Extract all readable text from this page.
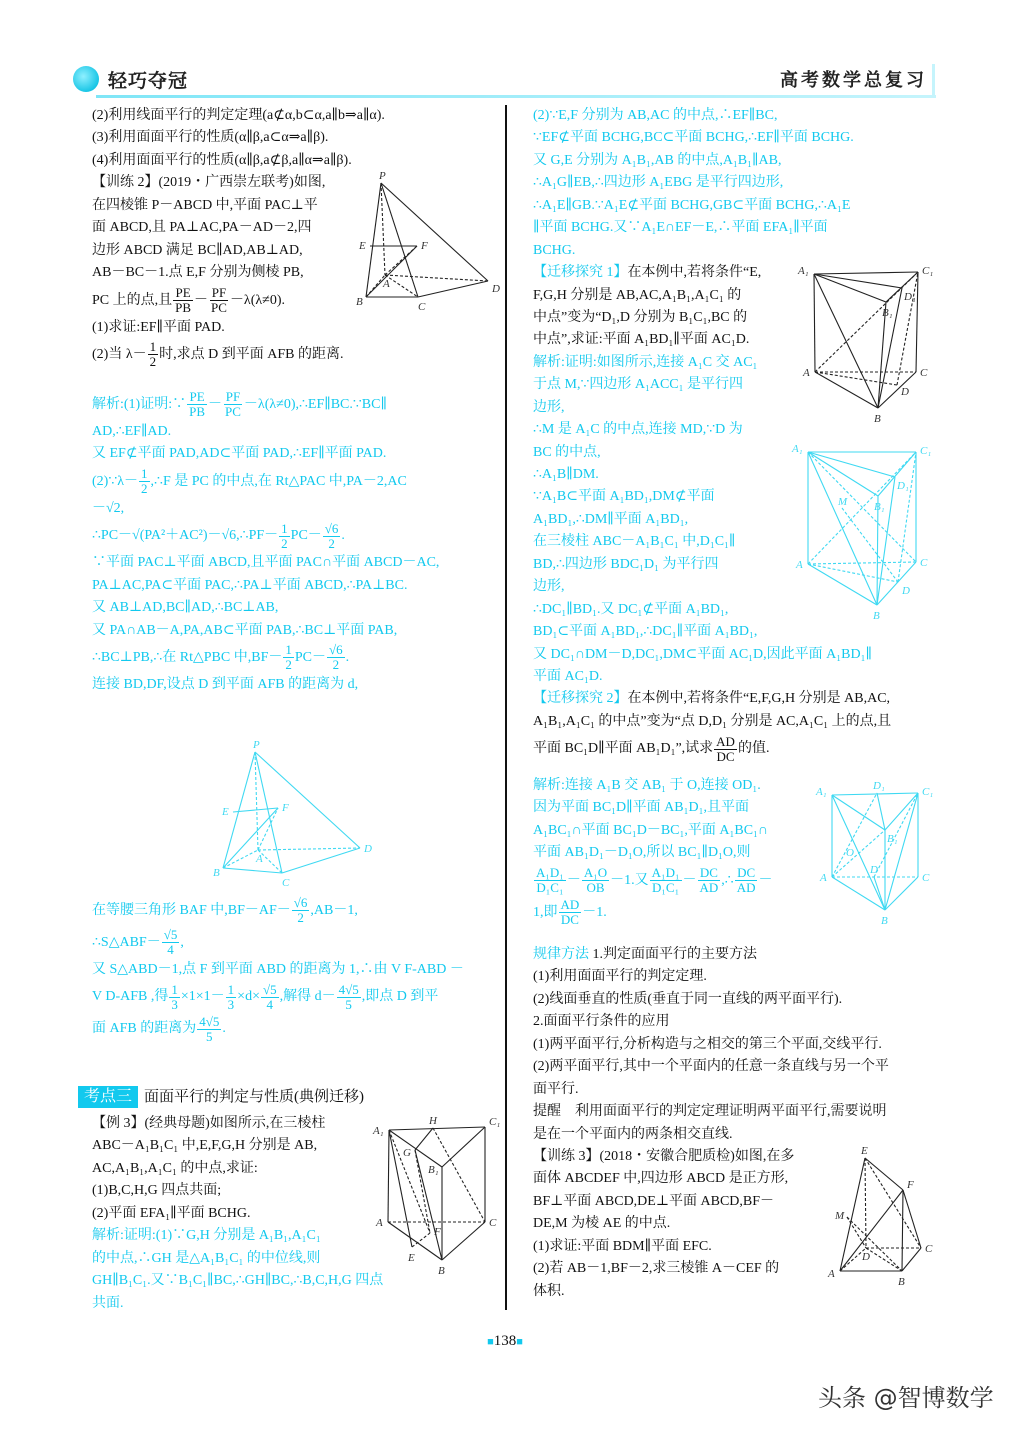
轻巧夺冠	高考数学总复习
(2)利用线面平行的判定定理(a⊄α,b⊂α,a∥b⇒a∥α).
(3)利用面面平行的性质(α∥β,a⊂α⇒a∥β).
(4)利用面面平行的性质(α∥β,a⊄β,a∥α⇒a∥β).
【训练 2】(2019・广西崇左联考)如图,
在四棱锥 P－ABCD 中,平面 PAC⊥平
面 ABCD,且 PA⊥AC,PA－AD－2,四
边形 ABCD 满足 BC∥AD,AB⊥AD,
AB－BC－1.点 E,F 分别为侧棱 PB,
PC 上的点,且 $\frac{PE}{PB} - \frac{PF}{PC} -\lambda(\lambda\ne 0)$.
(1)求证:EF∥平面 PAD.
(2)当 $\lambda- \frac{1}{2}$ 时,求点 D 到平面 AFB 的距离.
解析:(1)证明:∵ $\frac{PE}{PB} - \frac{PF}{PC}$ －λ(λ≠0),∴EF∥BC.∵BC∥
AD,∴EF∥AD.
又 EF⊄平面 PAD,AD⊂平面 PAD,∴EF∥平面 PAD.
(2)∵λ－ $\frac{1}{2}$ ,∴F 是 PC 的中点,在 Rt△PAC 中,PA－2,AC
－√2,
∴PC－√(PA²＋AC²)－√6,∴PF－ $\frac{1}{2} PC- \frac{√6}{2}$ .
∵平面 PAC⊥平面 ABCD,且平面 PAC∩平面 ABCD－AC,
PA⊥AC,PA⊂平面 PAC,∴PA⊥平面 ABCD,∴PA⊥BC.
又 AB⊥AD,BC∥AD,∴BC⊥AB,
又 PA∩AB－A,PA,AB⊂平面 PAB,∴BC⊥平面 PAB,
∴BC⊥PB,∴在 Rt△PBC 中$,BF- \frac{1}{2} PC- \frac{√6}{2}$ .
连接 BD,DF,设点 D 到平面 AFB 的距离为 d,
在等腰三角形 BAF 中$,BF-AF- \frac{√6}{2} ,AB-1$,
∴S△ABF－ $\frac{√5}{4}$ ,
又 S△ABD－1,点 F 到平面 ABD 的距离为 1,∴由 V F-ABD －
V D-AFB ,得 $\frac{1}{3} \times 1\times 1- \frac{1}{3} \times d\times \frac{√5}{4}$ ,解得 $d- \frac{4√5}{5}$ ,即点 D 到平
面 AFB 的距离为 $\frac{4√5}{5}$ .
考点三 面面平行的判定与性质(典例迁移)
【例 3】(经典母题)如图所示,在三棱柱
ABC－A₁B₁C₁ 中,E,F,G,H 分别是 AB,
AC,A₁B₁,A₁C₁ 的中点,求证:
(1)B,C,H,G 四点共面;
(2)平面 EFA₁∥平面 BCHG.
解析:证明:(1)∵G,H 分别是 A₁B₁,A₁C₁
的中点,∴GH 是△A₁B₁C₁ 的中位线,则
GH∥B₁C₁.又∵B₁C₁∥BC,∴GH∥BC,∴B,C,H,G 四点
共面.
(2)∵E,F 分别为 AB,AC 的中点,∴EF∥BC,
∵EF⊄平面 BCHG,BC⊂平面 BCHG,∴EF∥平面 BCHG.
又 G,E 分别为 A₁B₁,AB 的中点,A₁B₁∥AB,
∴A₁G∥EB,∴四边形 A₁EBG 是平行四边形,
∴A₁E∥GB.∵A₁E⊄平面 BCHG,GB⊂平面 BCHG,∴A₁E
∥平面 BCHG.又∵A₁E∩EF－E,∴平面 EFA₁∥平面
BCHG.
【迁移探究 1】在本例中,若将条件“E,
F,G,H 分别是 AB,AC,A₁B₁,A₁C₁ 的
中点”变为“D₁,D 分别为 B₁C₁,BC 的
中点”,求证:平面 A₁BD₁∥平面 AC₁D.
解析:证明:如图所示,连接 A₁C 交 AC₁
于点 M,∵四边形 A₁ACC₁ 是平行四
边形,
∴M 是 A₁C 的中点,连接 MD,∵D 为
BC 的中点,
∴A₁B∥DM.
∵A₁B⊂平面 A₁BD₁,DM⊄平面
A₁BD₁,∴DM∥平面 A₁BD₁,
在三棱柱 ABC－A₁B₁C₁ 中,D₁C₁∥
BD,∴四边形 BDC₁D₁ 为平行四
边形,
∴DC₁∥BD₁.又 DC₁⊄平面 A₁BD₁,
BD₁⊂平面 A₁BD₁,∴DC₁∥平面 A₁BD₁,
又 DC₁∩DM－D,DC₁,DM⊂平面 AC₁D,因此平面 A₁BD₁∥
平面 AC₁D.
【迁移探究 2】在本例中,若将条件“E,F,G,H 分别是 AB,AC,
A₁B₁,A₁C₁ 的中点”变为“点 D,D₁ 分别是 AC,A₁C₁ 上的点,且
平面 BC₁D∥平面 AB₁D₁”,试求 $\frac{AD}{DC}$ 的值.
解析:连接 A₁B 交 AB₁ 于 O,连接 OD₁.
因为平面 BC₁D∥平面 AB₁D₁,且平面
A₁BC₁∩平面 BC₁D－BC₁,平面 A₁BC₁∩
平面 AB₁D₁－D₁O,所以 BC₁∥D₁O,则
$\frac{\text{A₁D₁}}{\text{D₁C₁}} - \frac{\text{A₁O}}{OB} -1$.又 $\frac{\text{A₁D₁}}{\text{D₁C₁}} - \frac{DC}{AD}$ ,∴ $\frac{DC}{AD}$ －
1,即 $\frac{AD}{DC} -1$.
规律方法 1.判定面面平行的主要方法
(1)利用面面平行的判定定理.
(2)线面垂直的性质(垂直于同一直线的两平面平行).
2.面面平行条件的应用
(1)两平面平行,分析构造与之相交的第三个平面,交线平行.
(2)两平面平行,其中一个平面内的任意一条直线与另一个平
面平行.
提醒　利用面面平行的判定定理证明两平面平行,需要说明
是在一个平面内的两条相交直线.
【训练 3】(2018・安徽合肥质检)如图,在多
面体 ABCDEF 中,四边形 ABCD 是正方形,
BF⊥平面 ABCD,DE⊥平面 ABCD,BF－
DE,M 为棱 AE 的中点.
(1)求证:平面 BDM∥平面 EFC.
(2)若 AB－1,BF－2,求三棱锥 A－CEF 的
体积.
P
E	F
A
B	C
D
P
E	F
A
B
C
D
A₁
H	C₁
G
B₁
A	C
E
F
B
A₁	C₁
D₁
B₁
A	C
D
B
A₁	C₁
D₁
B₁
A	C
D
B
M
A₁	D₁	C₁
B₁
A
D
C
B
O
E
F
M
D
A
B
C
■138■
头条 @智博数学
